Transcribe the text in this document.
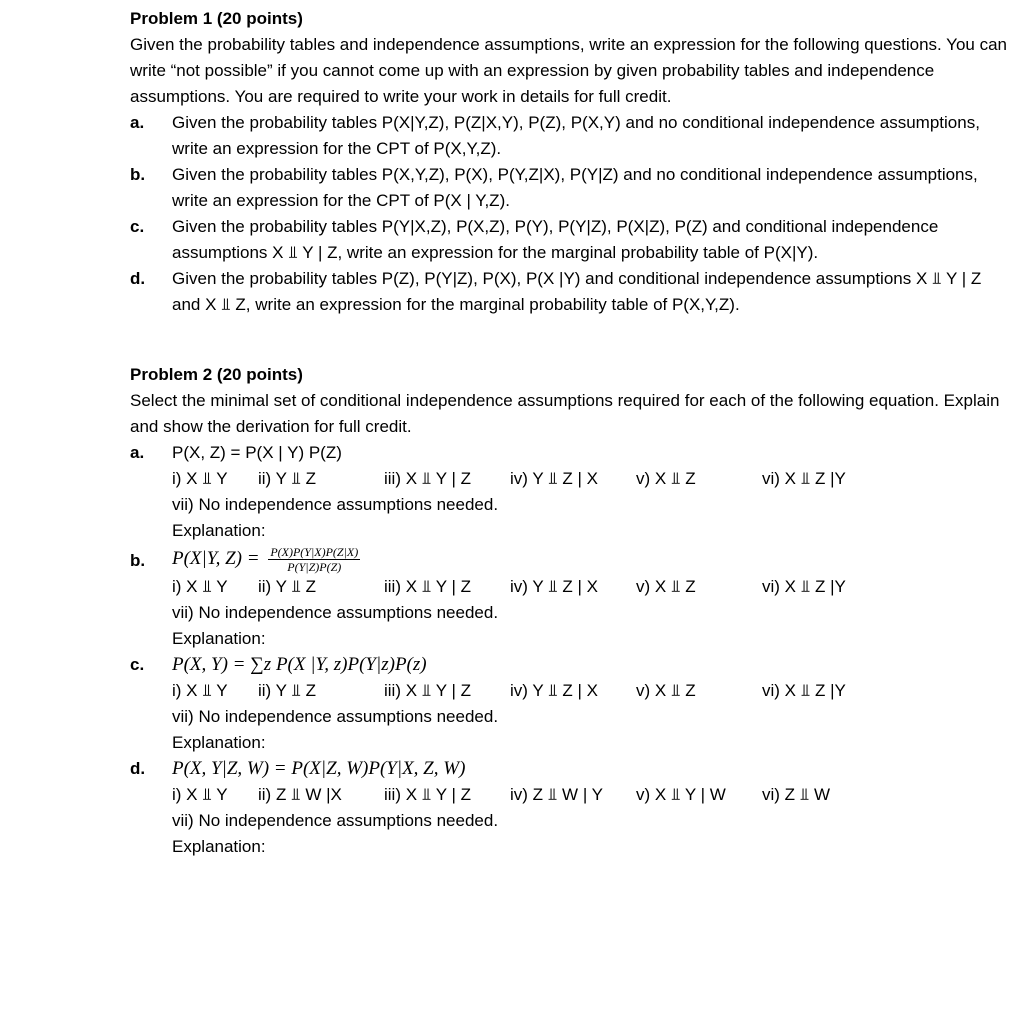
Problem 1 (20 points)

Given the probability tables and independence assumptions, write an expression for the following questions. You can write “not possible” if you cannot come up with an expression by given probability tables and independence assumptions. You are required to write your work in details for full credit.

a. Given the probability tables P(X|Y,Z), P(Z|X,Y), P(Z), P(X,Y) and no conditional independence assumptions, write an expression for the CPT of P(X,Y,Z).
b. Given the probability tables P(X,Y,Z), P(X), P(Y,Z|X), P(Y|Z) and no conditional independence assumptions, write an expression for the CPT of P(X | Y,Z).
c. Given the probability tables P(Y|X,Z), P(X,Z), P(Y), P(Y|Z), P(X|Z), P(Z) and conditional independence assumptions X ⫫ Y | Z, write an expression for the marginal probability table of P(X|Y).
d. Given the probability tables P(Z), P(Y|Z), P(X), P(X |Y) and conditional independence assumptions X ⫫ Y | Z and X ⫫ Z, write an expression for the marginal probability table of P(X,Y,Z).
Problem 2 (20 points)

Select the minimal set of conditional independence assumptions required for each of the following equation. Explain and show the derivation for full credit.

a. P(X, Z) = P(X | Y) P(Z)
i) X ⫫ Y ii) Y ⫫ Z	iii) X ⫫ Y | Z iv) Y ⫫ Z | X v) X ⫫ Z	vi) X ⫫ Z |Y
vii) No independence assumptions needed.
Explanation:
b. P(X|Y, $Z) = \frac{P(X)P(Y|X)P(Z|X)}{P(Y|Z)P(Z)}$
i) X ⫫ Y ii) Y ⫫ Z	iii) X ⫫ Y | Z iv) Y ⫫ Z | X v) X ⫫ Z	vi) X ⫫ Z |Y
vii) No independence assumptions needed.
Explanation:
c. P(X, Y) = ∑z P(X |Y, z)P(Y|z)P(z)
i) X ⫫ Y ii) Y ⫫ Z	iii) X ⫫ Y | Z iv) Y ⫫ Z | X v) X ⫫ Z	vi) X ⫫ Z |Y
vii) No independence assumptions needed.
Explanation:
d. P(X, Y|Z, W) = P(X|Z, W)P(Y|X, Z, W)
i) X ⫫ Y ii) Z ⫫ W |X iii) X ⫫ Y | Z iv) Z ⫫ W | Y v) X ⫫ Y | W vi) Z ⫫ W
vii) No independence assumptions needed.
Explanation:
